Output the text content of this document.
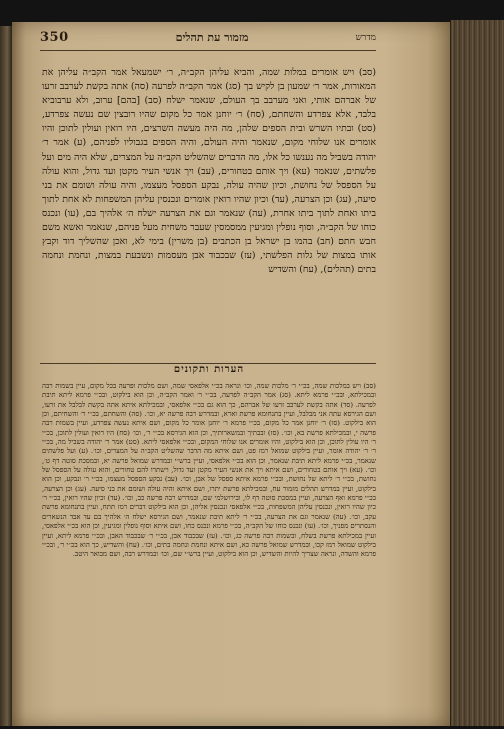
מדרש
מזמור עת תהלים
350
(סב) ויש אומרים במלות שמה, והביא עליהן הקב״ה, ר׳ ישמעאל אמר הקב״ה עליהן את המאורות, אמר ר׳ שמעון בן לקיש בך (סג) אמר הקב״ה לפרעה (סה) אתה בקשת לערבב זרעו של אברהם אותי, ואני מערבב בך העולם, שנאמר ישלח (סב) [בהם] ערוב, ולא ערבוביא בלבד, אלא צפרדע והשחתם, (סח) ר׳ יוחנן אמר כל מקום שהיו רובצין שם נעשה צפרדע, (סט) ובתיו השרש ובית הספים שלהן, מה היה מעשה השרצים, היו רואין ועולין לתוכן והיו אומרים אנו שלוחי מקום, שנאמר והיה העולם, והיה הספים בגבוליו לפניהם, (ע) אמר ר׳ יהודה בשביל מה נענשו כל אלו, מה הדברים שהשליט הקב״ה על המצרים, שלא היה מים ועל פלשתים, שנאמר (עא) ויך אותם בטחורים, (עב) ויך אנשי העיר מקטן ועד גדול, והוא עולה על הספסל של נחושת, וכיון שהיה עולה, נבקע הספסל מעצמו, והיה עולה ושומם את בני סיעה, (עג) וכן הצרעה, (עד) וכיון שהיו רואין אומרים ונכנסין עליהן המשפחות לא אחת לתוך ביתו ואחת לתוך ביתו אחרת, (עה) שנאמר וגם את הצרעה ישלח ה׳ אלהיך בם, (עו) ונכנס כוחו של הקב״ה, וסוף נופלין ומגיעין ממסמסין שעבר משחית מעל פניהם, שנאמר ואשא משם חבש חתם (חב) בהמו בן ישראל בן הכתבים (בן משרין) בימי לא, ואכן שהשליך דוד וקבץ אותו במצות של גלות הפלשתי, (עז) שבכבוד אבן מעסמות ונשבעת במצות, ונחמת ונחמה בתים (תהלים), (עח) והשדיש
הערות ותקונים
(סב) ויש במלכות שמה, בכ״י ר׳ מלכות שמה, וכו׳ ונראה בכ״י אלפאסי שמה, ושם מלכות ופרעה בכל מקום, עיין בשמות רבה ובמכילתא, ובכ״י פרמא ליתא. (סג) אמר הקב״ה לפרעה, בכ״י ר׳ ואמר הקב״ה, וכן הוא בילקוט, ובכ״י פרמא ליתא תיבת לפרעה. (סד) אתה בקשת לערבב זרעו של אברהם, כך הוא גם בכ״י אלפאסי, ובמכילתא איתא אתה בקשת לבלבל את זרעו, ושם הגירסא עתה אני מבלבל, ועיין בתנחומא פרשת וארא, ובמדרש רבה פרשה יא, וכו׳. (סה) והשחתם, בכ״י ר׳ והשחיתם, וכן הוא בילקוט. (סו) ר׳ יוחנן אמר כל מקום, בכ״י פרמא ר׳ יוחנן אומר כל מקום, ושם איתא נעשה צפרדע, ועיין בשמות רבה פרשה י, ובמכילתא פרשת בא, וכו׳. (סז) ובבתיך ובמשארותיך, וכן הוא הגירסא בכ״י ר׳, וכו׳ (סח) היו רואין ועולין לתוכן, בכ״י ר׳ היו עולין לתוכן, וכן הוא בילקוט, והיו אומרים אנו שלוחי המקום, ובכ״י אלפאסי ליתא. (סט) אמר ר׳ יהודה בשביל מה, בכ״י ר׳ ר׳ יהודה אומר, ועיין בילקוט שמואל רמז פט, ושם איתא מה הדבר שהשליט הקב״ה על המצרים, וכו׳. (ע) ועל פלשתים שנאמר, בכ״י פרמא ליתא תיבת שנאמר, וכן הוא בכ״י אלפאסי, ועיין ברש״י ובמדרש שמואל פרשה יא, ובמסכת סוטה דף ט׳, וכו׳. (עא) ויך אותם בטחורים, ושם איתא ויך את אנשי העיר מקטן ועד גדול, וישתרו להם טחורים, והוא עולה על הספסל של נחושת, בכ״י ר׳ ליתא של נחושת, ובכ״י פרמא איתא ספסל של אבן, וכו׳. (עב) נבקע הספסל מעצמו, בכ״י ר׳ ונבקע, וכן הוא בילקוט, ועיין במדרש תהלים מזמור עח, ובמכילתא פרשת יתרו, ושם איתא והיה עולה ושומם את בני סיעה. (עג) וכן הצרעה, בכ״י פרמא ואף הצרעה, ועיין במסכת סוטה דף לו, ובירושלמי שם, ובמדרש רבה פרשה כב, וכו׳. (עד) וכיון שהיו רואין, בכ״י ר׳ כיון שהיו רואין, ונכנסין עליהן המשפחות, בכ״י אלפאסי ונכנסין אליהן, וכן הוא בילקוט דברים רמז תתח, ועיין בתנחומא פרשת עקב, וכו׳. (עה) שנאמר וגם את הצרעה, בכ״י ר׳ ליתא תיבת שנאמר, ושם הגירסא ישלח ה׳ אלהיך בם עד אבד הנשארים והנסתרים מפניך, וכו׳. (עו) ונכנס כוחו של הקב״ה, בכ״י פרמא ונכנס כחו, ושם איתא וסוף נופלין ומגיעין, וכן הוא בכ״י אלפאסי, ועיין במכילתא פרשת בשלח, ובשמות רבה פרשה כג, וכו׳. (עז) שבכבוד אבן, בכ״י ר׳ שבכבוד האבן, ובכ״י פרמא ליתא, ועיין בילקוט שמואל רמז קכו, ובמדרש שמואל פרשה כא, ושם איתא ונחמת ונחמה בתים, וכו׳. (עח) והשדיש, כך הוא בכ״י ר׳, ובכ״י פרמא והשדה, ונראה שצריך להיות והשדיש, וכן הוא בילקוט, ועיין ברש״י שם, וכו׳ ובמדרש רבה, ושם מבואר היטב.
